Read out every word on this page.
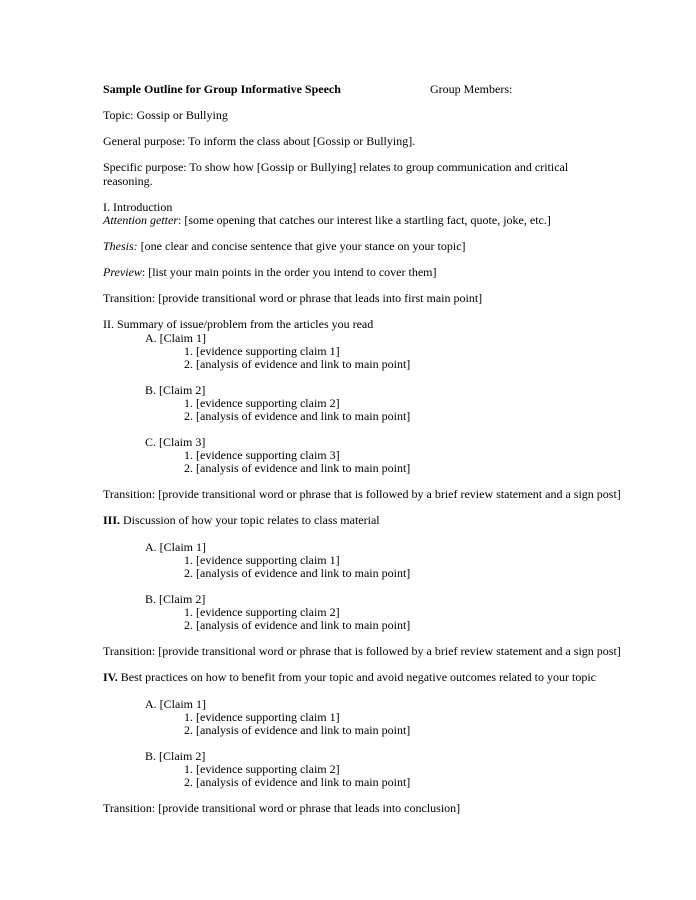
Sample Outline for Group Informative Speech	Group Members:
Topic: Gossip or Bullying
General purpose: To inform the class about [Gossip or Bullying].
Specific purpose: To show how [Gossip or Bullying] relates to group communication and critical
reasoning.
I. Introduction
Attention getter: [some opening that catches our interest like a startling fact, quote, joke, etc.]
Thesis: [one clear and concise sentence that give your stance on your topic]
Preview: [list your main points in the order you intend to cover them]
Transition: [provide transitional word or phrase that leads into first main point]
II. Summary of issue/problem from the articles you read
A. [Claim 1]
1. [evidence supporting claim 1]
2. [analysis of evidence and link to main point]
B. [Claim 2]
1. [evidence supporting claim 2]
2. [analysis of evidence and link to main point]
C. [Claim 3]
1. [evidence supporting claim 3]
2. [analysis of evidence and link to main point]
Transition: [provide transitional word or phrase that is followed by a brief review statement and a sign post]
III. Discussion of how your topic relates to class material
A. [Claim 1]
1. [evidence supporting claim 1]
2. [analysis of evidence and link to main point]
B. [Claim 2]
1. [evidence supporting claim 2]
2. [analysis of evidence and link to main point]
Transition: [provide transitional word or phrase that is followed by a brief review statement and a sign post]
IV. Best practices on how to benefit from your topic and avoid negative outcomes related to your topic
A. [Claim 1]
1. [evidence supporting claim 1]
2. [analysis of evidence and link to main point]
B. [Claim 2]
1. [evidence supporting claim 2]
2. [analysis of evidence and link to main point]
Transition: [provide transitional word or phrase that leads into conclusion]
